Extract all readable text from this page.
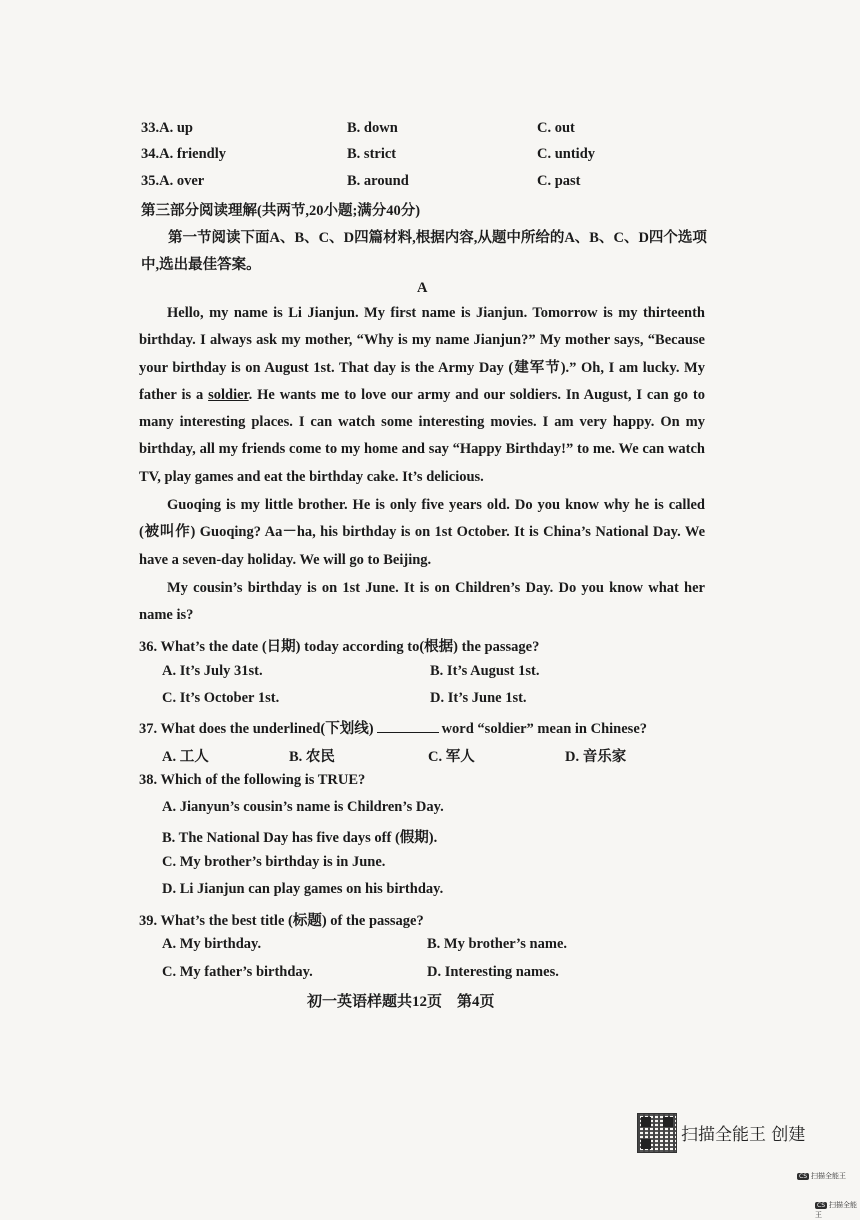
33.A. up	B. down	C. out
34.A. friendly	B. strict	C. untidy
35.A. over	B. around	C. past
第三部分阅读理解(共两节,20小题;满分40分)
第一节阅读下面A、B、C、D四篇材料,根据内容,从题中所给的A、B、C、D四个选项
中,选出最佳答案。
A
Hello, my name is Li Jianjun. My first name is Jianjun. Tomorrow is my thirteenth birthday. I always ask my mother, “Why is my name Jianjun?” My mother says, “Because your birthday is on August 1st. That day is the Army Day (建军节).” Oh, I am lucky. My father is a soldier. He wants me to love our army and our soldiers. In August, I can go to many interesting places. I can watch some interesting movies. I am very happy. On my birthday, all my friends come to my home and say “Happy Birthday!” to me. We can watch TV, play games and eat the birthday cake. It’s delicious.
Guoqing is my little brother. He is only five years old. Do you know why he is called (被叫作) Guoqing? Aa－ha, his birthday is on 1st October. It is China’s National Day. We have a seven-day holiday. We will go to Beijing.
My cousin’s birthday is on 1st June. It is on Children’s Day. Do you know what her name is?
36. What’s the date (日期) today according to(根据) the passage?
A. It’s July 31st.	B. It’s August 1st.
C. It’s October 1st.	D. It’s June 1st.
37. What does the underlined(下划线)	word “soldier” mean in Chinese?
A. 工人	B. 农民	C. 军人	D. 音乐家
38. Which of the following is TRUE?
A. Jianyun’s cousin’s name is Children’s Day.
B. The National Day has five days off (假期).
C. My brother’s birthday is in June.
D. Li Jianjun can play games on his birthday.
39. What’s the best title (标题) of the passage?
A. My birthday.	B. My brother’s name.
C. My father’s birthday.	D. Interesting names.
初一英语样题共12页　第4页
扫描全能王 创建
CS 扫描全能王
CS 扫描全能王
